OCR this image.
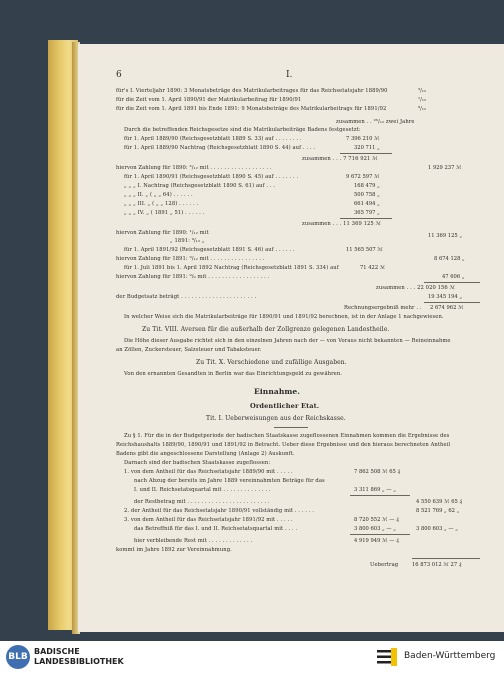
6	I.
für's I. Vierteljahr 1890: 3 Monatsbeträge des Matrikularbeitrages für das Reichsetatsjahr 1889/90	³/₁₂
für die Zeit vom 1. April 1890/91 der Matrikularbeitrag für 1890/91	¹/₁₂
für die Zeit vom 1. April 1891 bis Ende 1891: 9 Monatsbeträge des Matrikularbeitrags für 1891/92	⁹/₁₂
zusammen . . ²⁶/₁₂ zwei Jahre
Durch die betreffenden Reichsgesetze sind die Matrikularbeiträge Badens festgesetzt:
für 1. April 1889/90 (Reichsgesetzblatt 1889 S. 33) auf . . . . . . . .	7 396 210 ℳ
für 1. April 1889/90 Nachtrag (Reichsgesetzblatt 1890 S. 44) auf . . . .	320 711 „
zusammen . . . 7 716 921 ℳ
hiervon Zahlung für 1890: ³/₁₂ mit . . . . . . . . . . . . . . . . . .	1 929 237 ℳ
für 1. April 1890/91 (Reichsgesetzblatt 1890 S. 45) auf . . . . . . .	9 672 597 ℳ
„ „ „ I. Nachtrag (Reichsgesetzblatt 1890 S. 61) auf . . .	168 479 „
„ „ „ II. „ ( „ „ 64) . . . . . .	500 758 „
„ „ „ III. „ ( „ „ 128) . . . . . .	661 494 „
„ „ „ IV. „ ( 1891 „ 51) . . . . . .	365 797 „
zusammen . . . 11 369 125 ℳ
hiervon Zahlung für 1890: ¹/₁₂ mit	11 369 125 „
„ 1891: ⁹/₁₂ „
für 1. April 1891/92 (Reichsgesetzblatt 1891 S. 46) auf . . . . . .	11 565 507 ℳ
hiervon Zahlung für 1891: ⁹/₁₂ mit . . . . . . . . . . . . . . . .	8 674 128 „
für 1. Juli 1891 bis 1. April 1892 Nachtrag (Reichsgesetzblatt 1891 S. 334) auf	71 422 ℳ
hiervon Zahlung für 1891: ⁹/₉ mit . . . . . . . . . . . . . . . . . .	47 606 „
zusammen . . . 22 020 156 ℳ
der Budgetsatz beträgt . . . . . . . . . . . . . . . . . . . . . .	19 345 194 „
Rechnungsergebniß mehr . . 2 674 962 ℳ
In welcher Weise sich die Matrikularbeiträge für 1890/91 und 1891/92 berechnen, ist in der Anlage 1 nachgewiesen.
Zu Tit. VIII. Aversen für die außerhalb der Zollgrenze gelegenen Landestheile.
Die Höhe dieser Ausgabe richtet sich in den einzelnen Jahren nach der — von Voraus nicht bekannten — Reineinnahme
an Zöllen, Zuckersteuer, Salzsteuer und Tabaksteuer.
Zu Tit. X. Verschiedene und zufällige Ausgaben.
Von den ernannten Gesandten in Berlin war das Einrichtungsgeld zu gewähren.
Einnahme.
Ordentlicher Etat.
Tit. I. Ueberweisungen aus der Reichskasse.
Zu § 1. Für die in der Budgetperiode der badischen Staatskasse zugeflossenen Einnahmen kommen die Ergebnisse des
Reichshaushalts 1889/90, 1890/91 und 1891/92 in Betracht. Ueber diese Ergebnisse und den hieraus berechneten Antheil
Badens gibt die angeschlossene Darstellung (Anlage 2) Auskunft.
Darnach sind der badischen Staatskasse zugeflossen:
1. von dem Antheil für das Reichsetatsjahr 1889/90 mit . . . . .	7 862 508 ℳ 65 ₰
nach Abzug der bereits im Jahre 1889 vereinnahmten Beträge für das
I. und II. Reichsetatsquartal mit . . . . . . . . . . . . . .	3 311 869 „ — „
der Restbetrag mit . . . . . . . . . . . . . . . . . . . . . . . .	4 550 639 ℳ 65 ₰
2. der Antheil für das Reichsetatsjahr 1890/91 vollständig mit . . . . . .	8 521 769 „ 62 „
3. von dem Antheil für das Reichsetatsjahr 1891/92 mit . . . . .	8 720 552 ℳ — ₰
das Betreffniß für das I. und II. Reichsetatsquartal mit . . . .	3 800 603 „ — „	3 800 603 „ — „
hier verbleibende Rest mit . . . . . . . . . . . . .	4 919 949 ℳ — ₰
kommt im Jahre 1892 zur Vereinnahmung.
Uebertrag	16 873 012 ℳ 27 ₰
BLB
BADISCHE
LANDESBIBLIOTHEK
Baden-Württemberg
